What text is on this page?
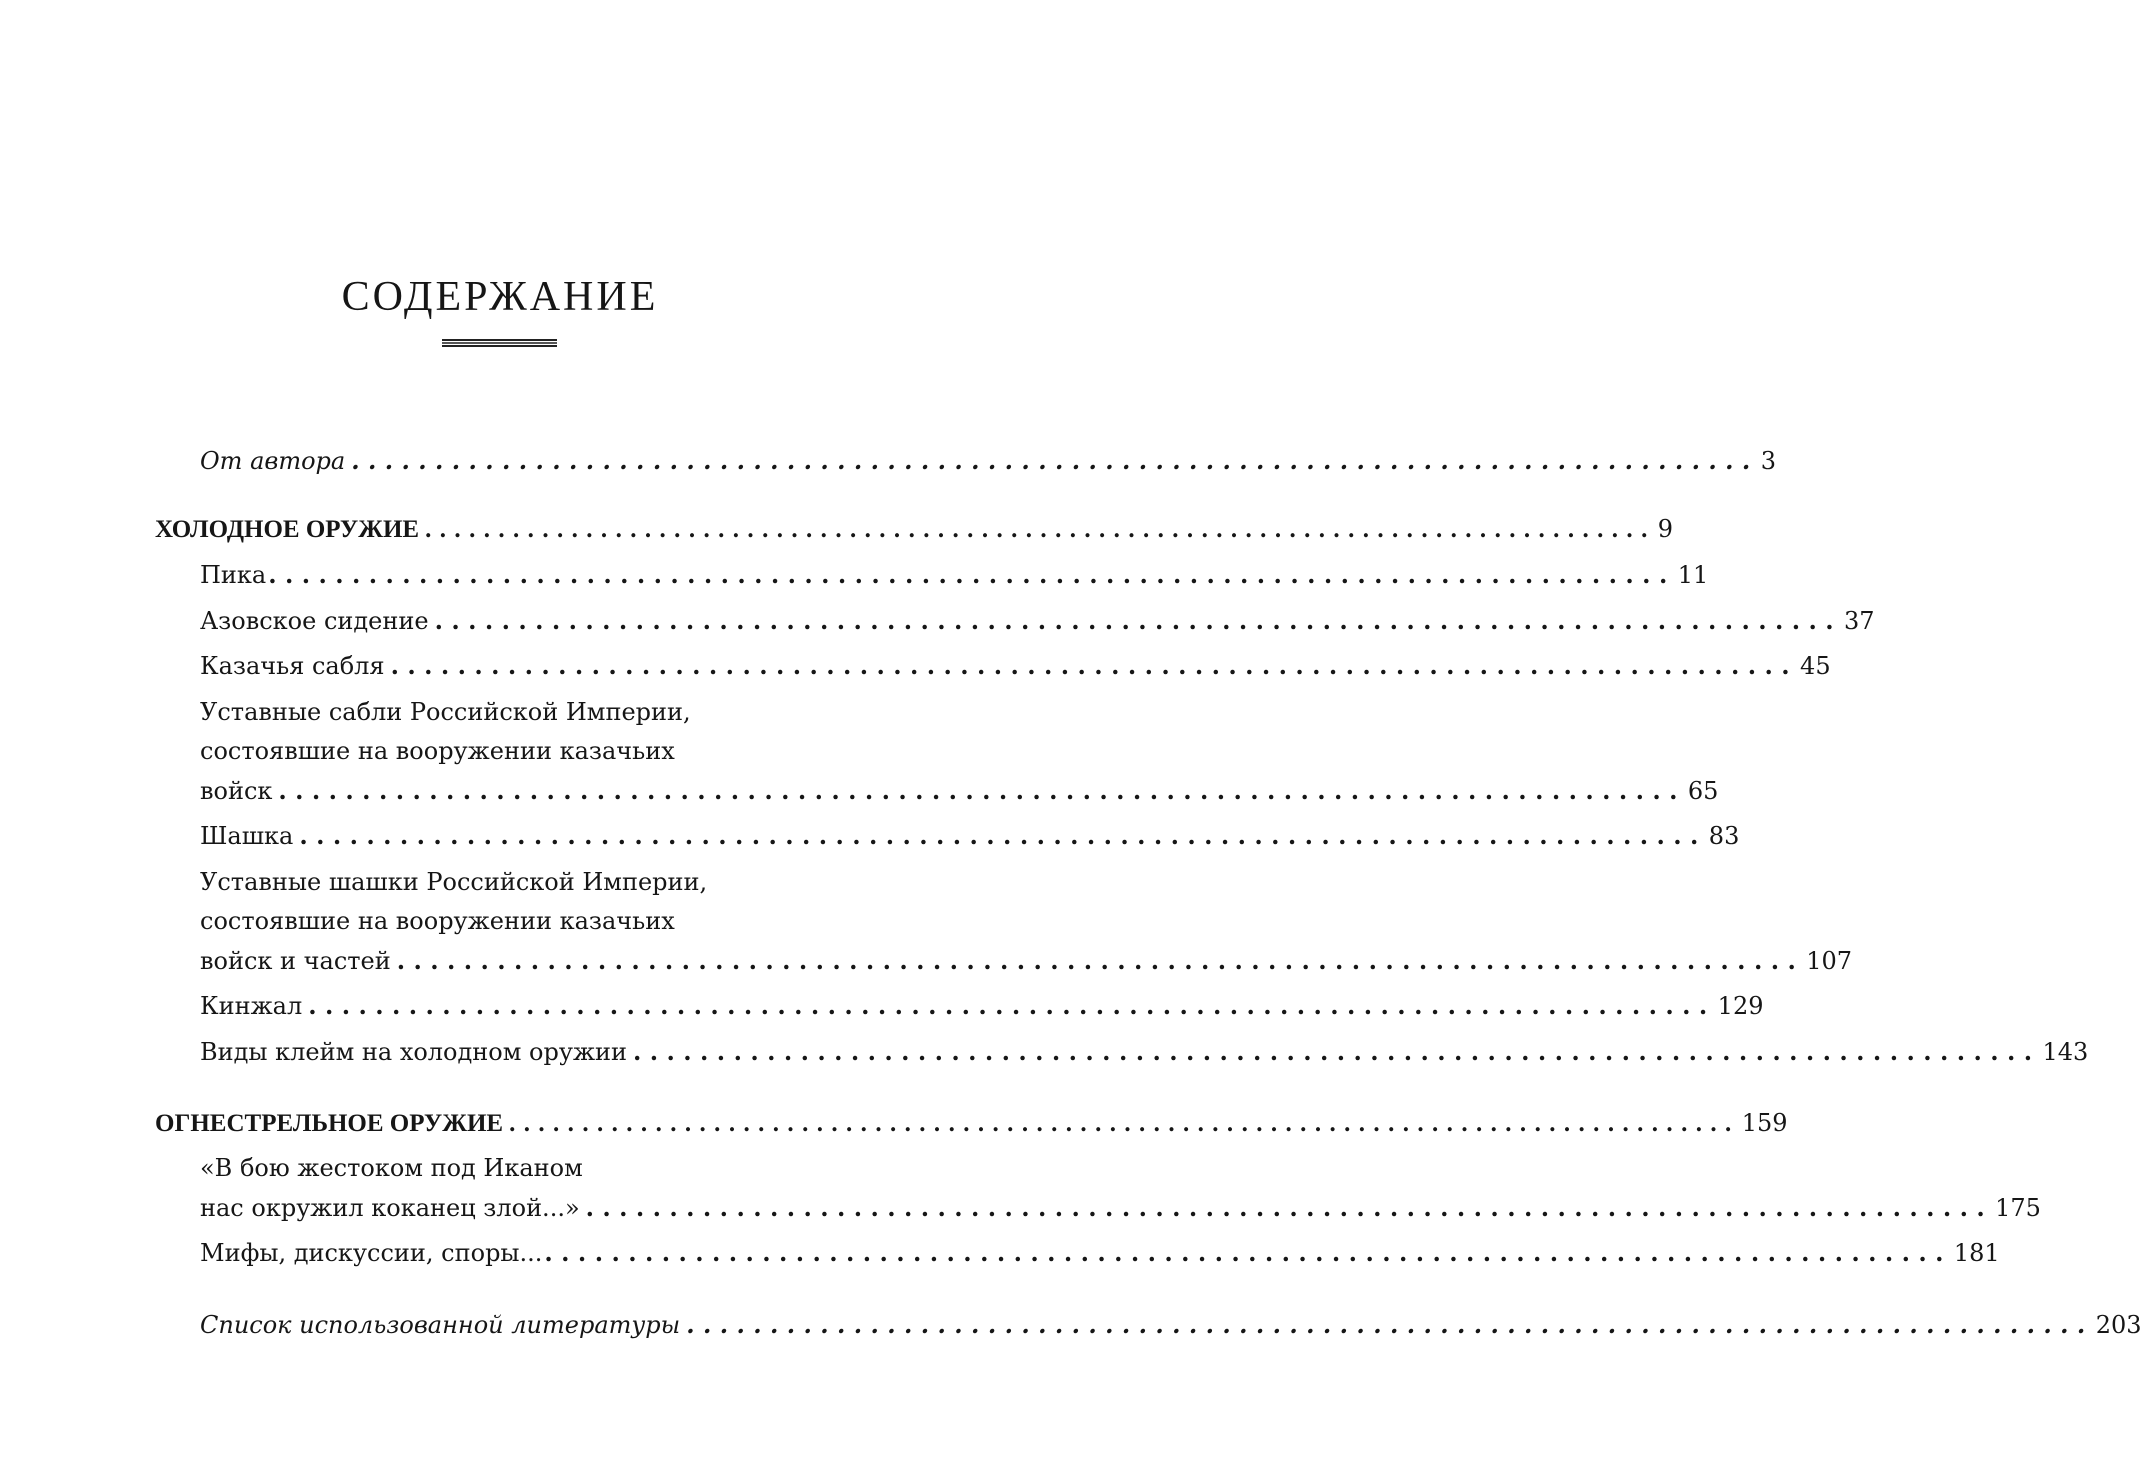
СОДЕРЖАНИЕ
От автора .................................................................................... 3
ХОЛОДНОЕ ОРУЖИЕ .................................................................................... 9
Пика .................................................................................... 11
Азовское сидение .................................................................................... 37
Казачья сабля .................................................................................... 45
Уставные сабли Российской Империи,
состоявшие на вооружении казачьих
войск .................................................................................... 65
Шашка .................................................................................... 83
Уставные шашки Российской Империи,
состоявшие на вооружении казачьих
войск и частей .................................................................................... 107
Кинжал .................................................................................... 129
Виды клейм на холодном оружии .................................................................................... 143
ОГНЕСТРЕЛЬНОЕ ОРУЖИЕ .................................................................................... 159
«В бою жестоком под Иканом
нас окружил коканец злой...» .................................................................................... 175
Мифы, дискуссии, споры... .................................................................................... 181
Список использованной литературы .................................................................................... 203
